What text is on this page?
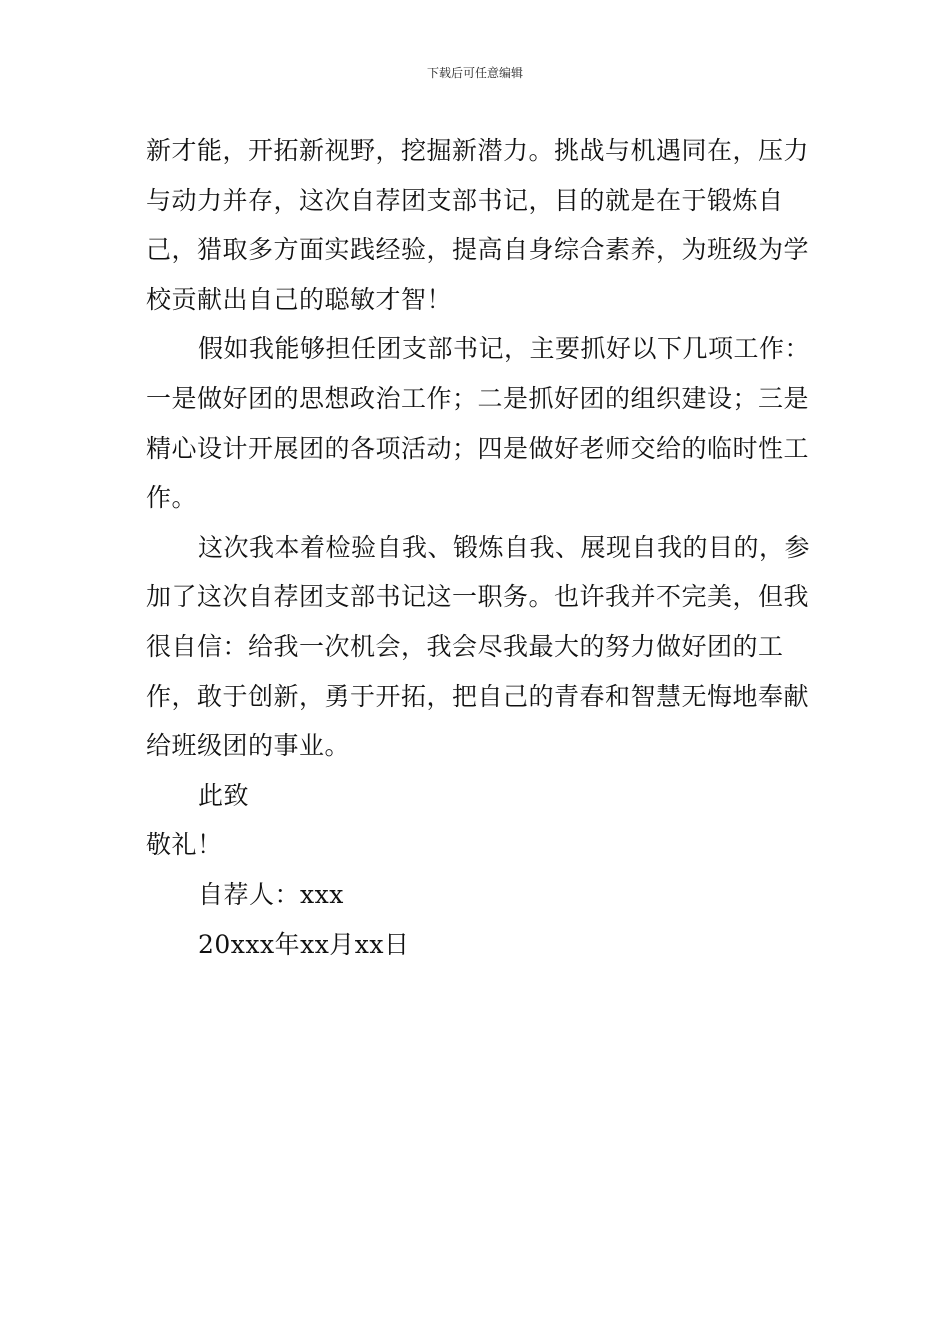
下载后可任意编辑

新才能，开拓新视野，挖掘新潜力。挑战与机遇同在，压力与动力并存，这次自荐团支部书记，目的就是在于锻炼自己，猎取多方面实践经验，提高自身综合素养，为班级为学校贡献出自己的聪敏才智！

假如我能够担任团支部书记，主要抓好以下几项工作：一是做好团的思想政治工作；二是抓好团的组织建设；三是精心设计开展团的各项活动；四是做好老师交给的临时性工作。

这次我本着检验自我、锻炼自我、展现自我的目的，参加了这次自荐团支部书记这一职务。也许我并不完美，但我很自信：给我一次机会，我会尽我最大的努力做好团的工作，敢于创新，勇于开拓，把自己的青春和智慧无悔地奉献给班级团的事业。

此致
敬礼！
自荐人：xxx
20xxx年xx月xx日
